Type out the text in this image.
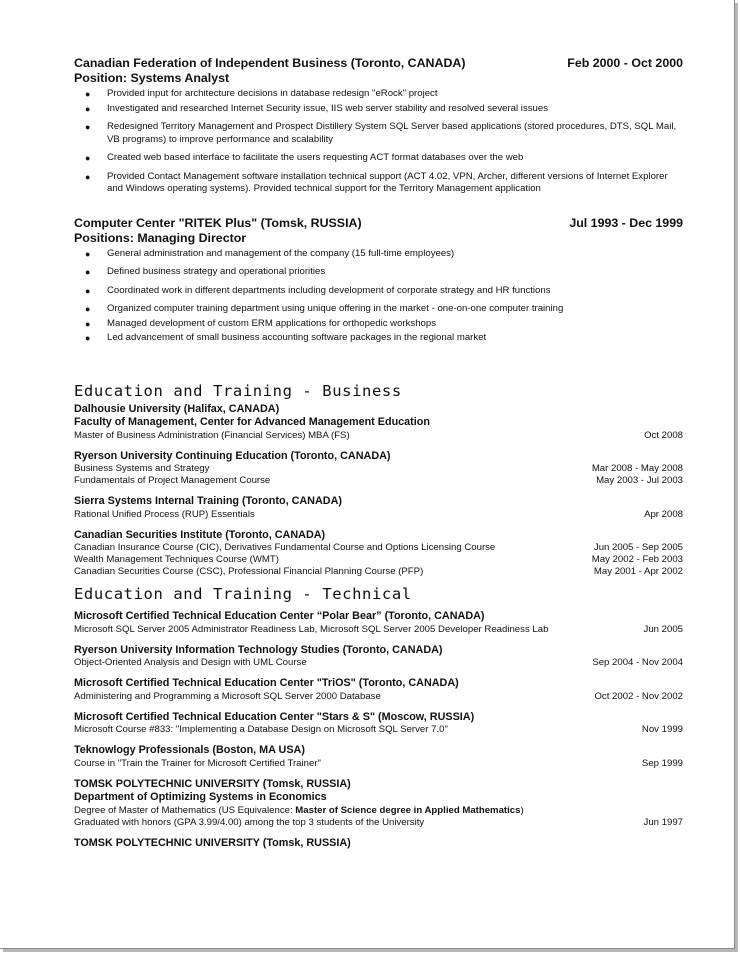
Canadian Federation of Independent Business (Toronto, CANADA)	Feb 2000 - Oct 2000
Position: Systems Analyst
● Provided input for architecture decisions in database redesign "eRock" project
● Investigated and researched Internet Security issue, IIS web server stability and resolved several issues
● Redesigned Territory Management and Prospect Distillery System SQL Server based applications (stored procedures, DTS, SQL Mail, VB programs) to improve performance and scalability
● Created web based interface to facilitate the users requesting ACT format databases over the web
● Provided Contact Management software installation technical support (ACT 4.02, VPN, Archer, different versions of Internet Explorer and Windows operating systems). Provided technical support for the Territory Management application
Computer Center "RITEK Plus" (Tomsk, RUSSIA)	Jul 1993 - Dec 1999
Positions: Managing Director
● General administration and management of the company (15 full-time employees)
● Defined business strategy and operational priorities
● Coordinated work in different departments including development of corporate strategy and HR functions
● Organized computer training department using unique offering in the market - one-on-one computer training
● Managed development of custom ERM applications for orthopedic workshops
● Led advancement of small business accounting software packages in the regional market
Education and Training - Business
Dalhousie University (Halifax, CANADA)
Faculty of Management, Center for Advanced Management Education
Master of Business Administration (Financial Services) MBA (FS)	Oct 2008
Ryerson University Continuing Education (Toronto, CANADA)
Business Systems and Strategy	Mar 2008 - May 2008
Fundamentals of Project Management Course	May 2003 - Jul 2003
Sierra Systems Internal Training (Toronto, CANADA)
Rational Unified Process (RUP) Essentials	Apr 2008
Canadian Securities Institute (Toronto, CANADA)
Canadian Insurance Course (CIC), Derivatives Fundamental Course and Options Licensing Course	Jun 2005 - Sep 2005
Wealth Management Techniques Course (WMT)	May 2002 - Feb 2003
Canadian Securities Course (CSC), Professional Financial Planning Course (PFP)	May 2001 - Apr 2002
Education and Training - Technical
Microsoft Certified Technical Education Center “Polar Bear” (Toronto, CANADA)
Microsoft SQL Server 2005 Administrator Readiness Lab, Microsoft SQL Server 2005 Developer Readiness Lab	Jun 2005
Ryerson University Information Technology Studies (Toronto, CANADA)
Object-Oriented Analysis and Design with UML Course	Sep 2004 - Nov 2004
Microsoft Certified Technical Education Center "TriOS" (Toronto, CANADA)
Administering and Programming a Microsoft SQL Server 2000 Database	Oct 2002 - Nov 2002
Microsoft Certified Technical Education Center "Stars & S" (Moscow, RUSSIA)
Microsoft Course #833: "Implementing a Database Design on Microsoft SQL Server 7.0"	Nov 1999
Teknowlogy Professionals (Boston, MA USA)
Course in "Train the Trainer for Microsoft Certified Trainer"	Sep 1999
TOMSK POLYTECHNIC UNIVERSITY (Tomsk, RUSSIA)
Department of Optimizing Systems in Economics
Degree of Master of Mathematics (US Equivalence: Master of Science degree in Applied Mathematics)
Graduated with honors (GPA 3.99/4.00) among the top 3 students of the University	Jun 1997
TOMSK POLYTECHNIC UNIVERSITY (Tomsk, RUSSIA)
